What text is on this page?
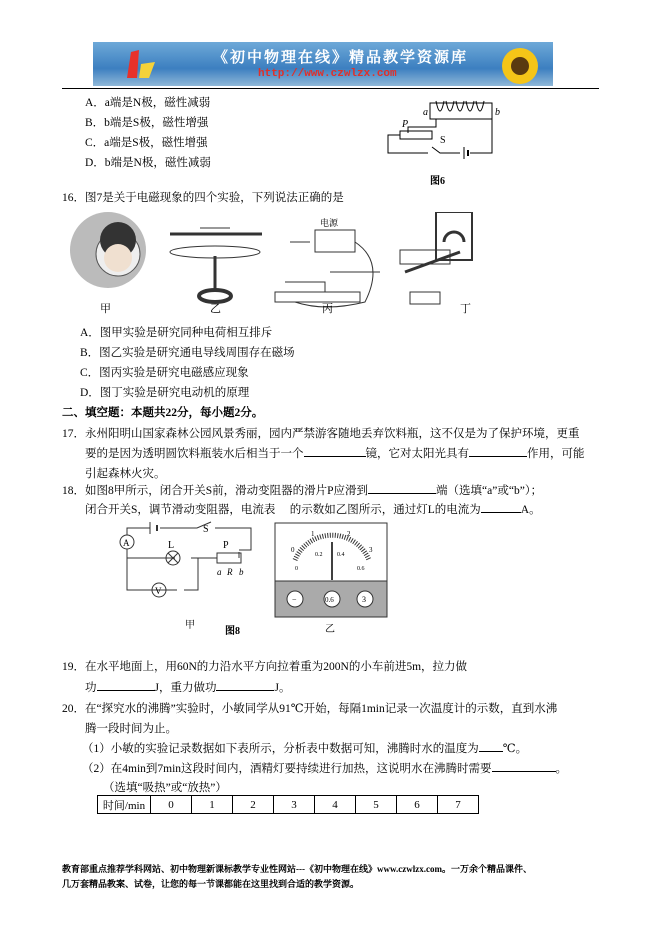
《初中物理在线》精品教学资源库
http://www.czwlzx.com
A．a端是N极，磁性减弱
B．b端是S极，磁性增强
C．a端是S极，磁性增强
D．b端是N极，磁性减弱
a	b
P
S
图6
16．图7是关于电磁现象的四个实验，下列说法正确的是
电源
甲	乙	丙	丁
A．图甲实验是研究同种电荷相互排斥
B．图乙实验是研究通电导线周围存在磁场
C．图丙实验是研究电磁感应现象
D．图丁实验是研究电动机的原理
二、填空题：本题共22分，每小题2分。
17．永州阳明山国家森林公园风景秀丽，园内严禁游客随地丢弃饮料瓶，这不仅是为了保护环境，更重
要的是因为透明圆饮料瓶装水后相当于一个	镜，它对太阳光具有	作用，可能
引起森林火灾。
18．如图8甲所示，闭合开关S前，滑动变阻器的滑片P应滑到	端（选填“a”或“b”）；
闭合开关S，调节滑动变阻器，电流表　 的示数如乙图所示，通过灯L的电流为	A。
A
V
L
S
P
a R b
甲
图8
0
1	2
3
0
0.2 0.4
0.6
−	0.6	3
乙
19．在水平地面上，用60N的力沿水平方向拉着重为200N的小车前进5m，拉力做
功	J，重力做功	J。
20．在“探究水的沸腾”实验时，小敏同学从91℃开始，每隔1min记录一次温度计的示数，直到水沸
腾一段时间为止。
（1）小敏的实验记录数据如下表所示，分析表中数据可知，沸腾时水的温度为 ℃。
（2）在4min到7min这段时间内，酒精灯要持续进行加热，这说明水在沸腾时需要	。
（选填“吸热”或“放热”）
时间/min	0	1	2	3	4	5	6	7
教育部重点推荐学科网站、初中物理新课标教学专业性网站---《初中物理在线》www.czwlzx.com。一万余个精品课件、
几万套精品教案、试卷，让您的每一节课都能在这里找到合适的教学资源。
